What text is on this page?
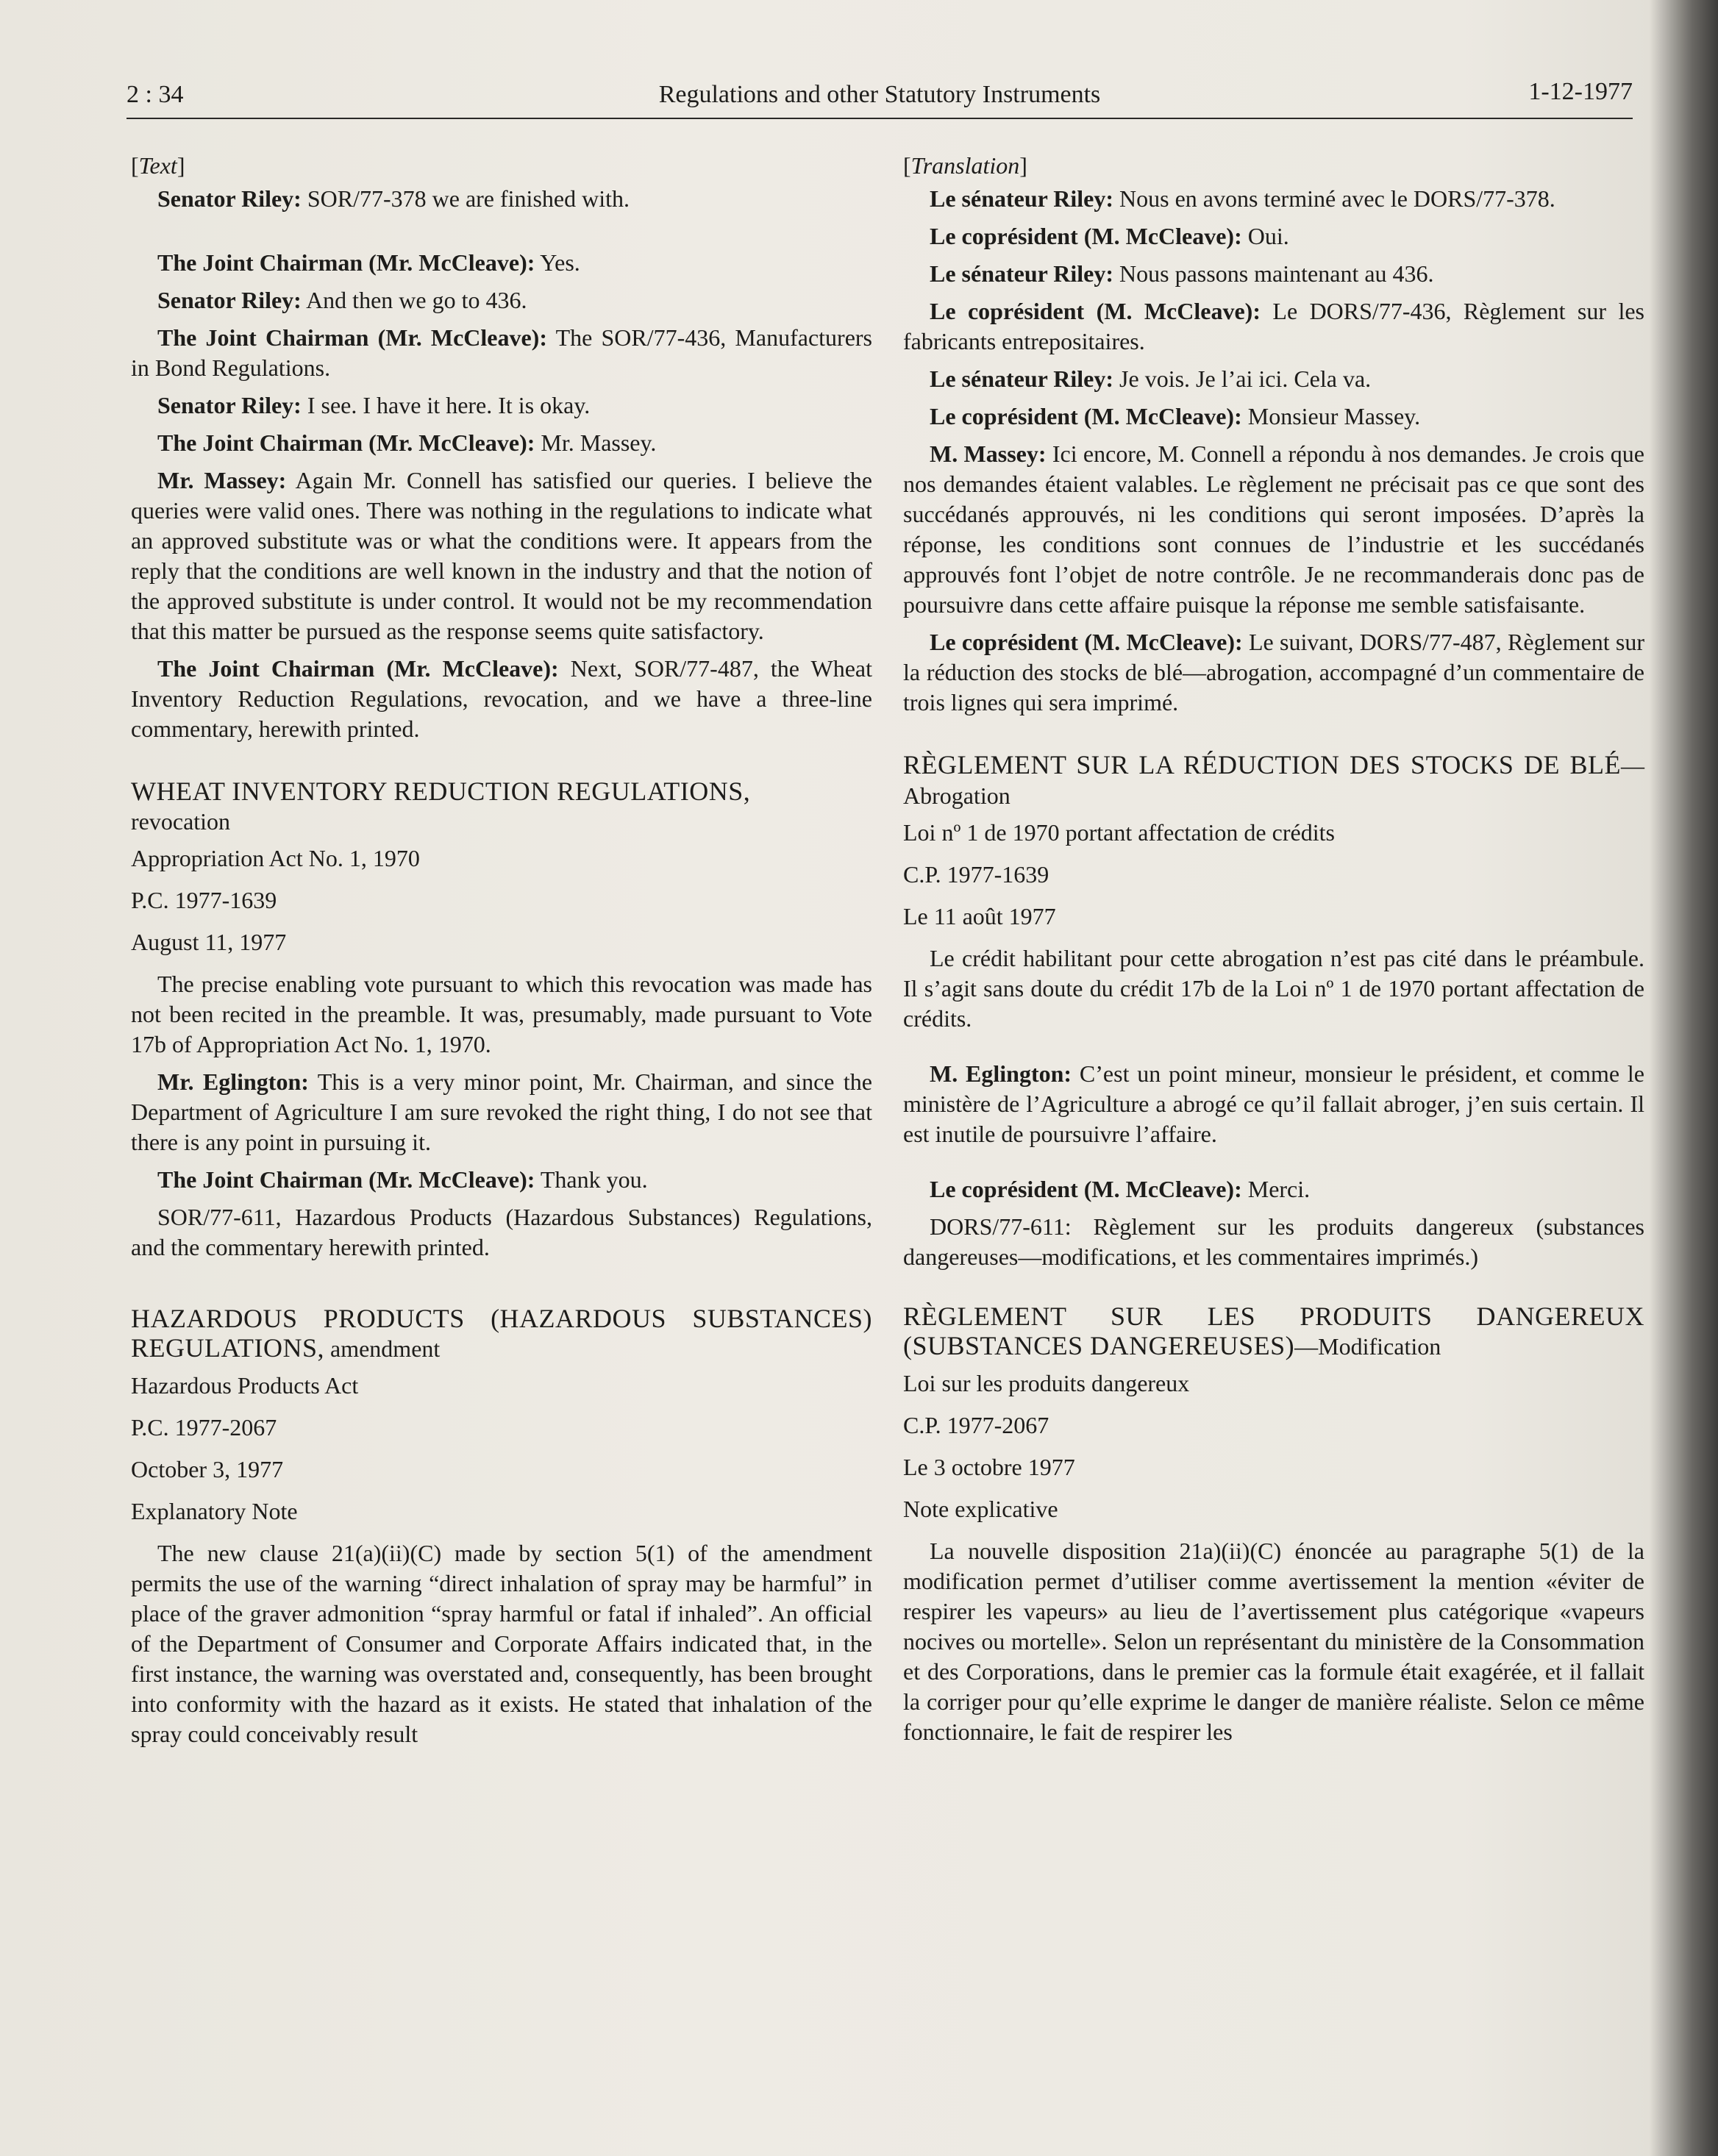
2 : 34	Regulations and other Statutory Instruments	1-12-1977

[Text]

Senator Riley: SOR/77-378 we are finished with.

The Joint Chairman (Mr. McCleave): Yes.

Senator Riley: And then we go to 436.

The Joint Chairman (Mr. McCleave): The SOR/77-436, Manufacturers in Bond Regulations.

Senator Riley: I see. I have it here. It is okay.

The Joint Chairman (Mr. McCleave): Mr. Massey.

Mr. Massey: Again Mr. Connell has satisfied our queries. I believe the queries were valid ones. There was nothing in the regulations to indicate what an approved substitute was or what the conditions were. It appears from the reply that the conditions are well known in the industry and that the notion of the approved substitute is under control. It would not be my recommendation that this matter be pursued as the response seems quite satisfactory.

The Joint Chairman (Mr. McCleave): Next, SOR/77-487, the Wheat Inventory Reduction Regulations, revocation, and we have a three-line commentary, herewith printed.

WHEAT INVENTORY REDUCTION REGULATIONS,
revocation

Appropriation Act No. 1, 1970

P.C. 1977-1639

August 11, 1977

The precise enabling vote pursuant to which this revocation was made has not been recited in the preamble. It was, presumably, made pursuant to Vote 17b of Appropriation Act No. 1, 1970.

Mr. Eglington: This is a very minor point, Mr. Chairman, and since the Department of Agriculture I am sure revoked the right thing, I do not see that there is any point in pursuing it.

The Joint Chairman (Mr. McCleave): Thank you.

SOR/77-611, Hazardous Products (Hazardous Substances) Regulations, and the commentary herewith printed.

HAZARDOUS PRODUCTS (HAZARDOUS SUBSTANCES) REGULATIONS, amendment

Hazardous Products Act

P.C. 1977-2067

October 3, 1977

Explanatory Note

The new clause 21(a)(ii)(C) made by section 5(1) of the amendment permits the use of the warning “direct inhalation of spray may be harmful” in place of the graver admonition “spray harmful or fatal if inhaled”. An official of the Department of Consumer and Corporate Affairs indicated that, in the first instance, the warning was overstated and, consequently, has been brought into conformity with the hazard as it exists. He stated that inhalation of the spray could conceivably result

[Translation]

Le sénateur Riley: Nous en avons terminé avec le DORS/77-378.

Le coprésident (M. McCleave): Oui.

Le sénateur Riley: Nous passons maintenant au 436.

Le coprésident (M. McCleave): Le DORS/77-436, Règlement sur les fabricants entrepositaires.

Le sénateur Riley: Je vois. Je l’ai ici. Cela va.

Le coprésident (M. McCleave): Monsieur Massey.

M. Massey: Ici encore, M. Connell a répondu à nos demandes. Je crois que nos demandes étaient valables. Le règlement ne précisait pas ce que sont des succédanés approuvés, ni les conditions qui seront imposées. D’après la réponse, les conditions sont connues de l’industrie et les succédanés approuvés font l’objet de notre contrôle. Je ne recommanderais donc pas de poursuivre dans cette affaire puisque la réponse me semble satisfaisante.

Le coprésident (M. McCleave): Le suivant, DORS/77-487, Règlement sur la réduction des stocks de blé—abrogation, accompagné d’un commentaire de trois lignes qui sera imprimé.

RÈGLEMENT SUR LA RÉDUCTION DES STOCKS DE BLÉ—Abrogation

Loi nº 1 de 1970 portant affectation de crédits

C.P. 1977-1639

Le 11 août 1977

Le crédit habilitant pour cette abrogation n’est pas cité dans le préambule. Il s’agit sans doute du crédit 17b de la Loi nº 1 de 1970 portant affectation de crédits.

M. Eglington: C’est un point mineur, monsieur le président, et comme le ministère de l’Agriculture a abrogé ce qu’il fallait abroger, j’en suis certain. Il est inutile de poursuivre l’affaire.

Le coprésident (M. McCleave): Merci.

DORS/77-611: Règlement sur les produits dangereux (substances dangereuses—modifications, et les commentaires imprimés.)

RÈGLEMENT SUR LES PRODUITS DANGEREUX (SUBSTANCES DANGEREUSES)—Modification

Loi sur les produits dangereux

C.P. 1977-2067

Le 3 octobre 1977

Note explicative

La nouvelle disposition 21a)(ii)(C) énoncée au paragraphe 5(1) de la modification permet d’utiliser comme avertissement la mention «éviter de respirer les vapeurs» au lieu de l’avertissement plus catégorique «vapeurs nocives ou mortelle». Selon un représentant du ministère de la Consommation et des Corporations, dans le premier cas la formule était exagérée, et il fallait la corriger pour qu’elle exprime le danger de manière réaliste. Selon ce même fonctionnaire, le fait de respirer les
